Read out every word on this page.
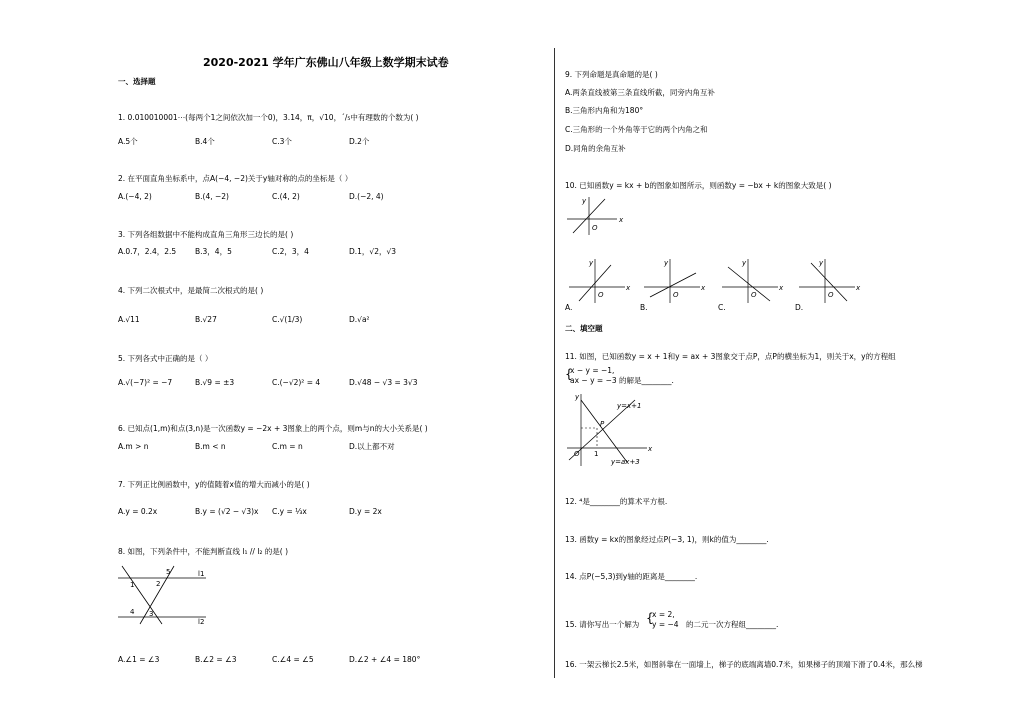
2020-2021 学年广东佛山八年级上数学期末试卷
一、选择题
1. 0.010010001⋯(每两个1之间依次加一个0)，3.14，π，√10，´/₅中有理数的个数为( )
A.5个	B.4个	C.3个	D.2个
2. 在平面直角坐标系中，点A(−4, −2)关于y轴对称的点的坐标是（ ）
A.(−4, 2)	B.(4, −2)	C.(4, 2)	D.(−2, 4)
3. 下列各组数据中不能构成直角三角形三边长的是( )
A.0.7，2.4，2.5	B.3，4，5	C.2，3，4	D.1，√2，√3
4. 下列二次根式中，是最简二次根式的是( )
A.√11	B.√27	C.√(1/3)	D.√a²
5. 下列各式中正确的是（ ）
A.√(−7)² = −7	B.√9 = ±3	C.(−√2)² = 4	D.√48 − √3 = 3√3
6. 已知点(1,m)和点(3,n)是一次函数y = −2x + 3图象上的两个点，则m与n的大小关系是( )
A.m > n	B.m < n	C.m = n	D.以上都不对
7. 下列正比例函数中，y的值随着x值的增大而减小的是( )
A.y = 0.2x	B.y = (√2 − √3)x C.y = ⅓x	D.y = 2x
8. 如图，下列条件中，不能判断直线 l₁ // l₂ 的是( )
1	2
5
4 3
l1
l2
A.∠1 = ∠3	B.∠2 = ∠3	C.∠4 = ∠5	D.∠2 + ∠4 = 180°
9. 下列命题是真命题的是( )
A.两条直线被第三条直线所截，同旁内角互补
B.三角形内角和为180°
C.三角形的一个外角等于它的两个内角之和
D.同角的余角互补
10. 已知函数y = kx + b的图象如图所示，则函数y = −bx + k的图象大致是( )
x
y
O
x
y
O
x
y
O
x
y
O
x
y
O
A.	B.	C.	D.
二、填空题
11. 如图，已知函数y = x + 1和y = ax + 3图象交于点P，点P的横坐标为1，则关于x，y的方程组
{
x − y = −1,
ax − y = −3 的解是________.
y
x
O 1
P
y=x+1
y=ax+3
12. ⁴是________的算术平方根.
13. 函数y = kx的图象经过点P(−3, 1)，则k的值为________.
14. 点P(−5,3)到y轴的距离是________.
15. 请你写出一个解为 {
x = 2,
y = −4 的二元一次方程组________.
16. 一架云梯长2.5米，如图斜靠在一面墙上，梯子的底端离墙0.7米，如果梯子的顶端下滑了0.4米，那么梯
